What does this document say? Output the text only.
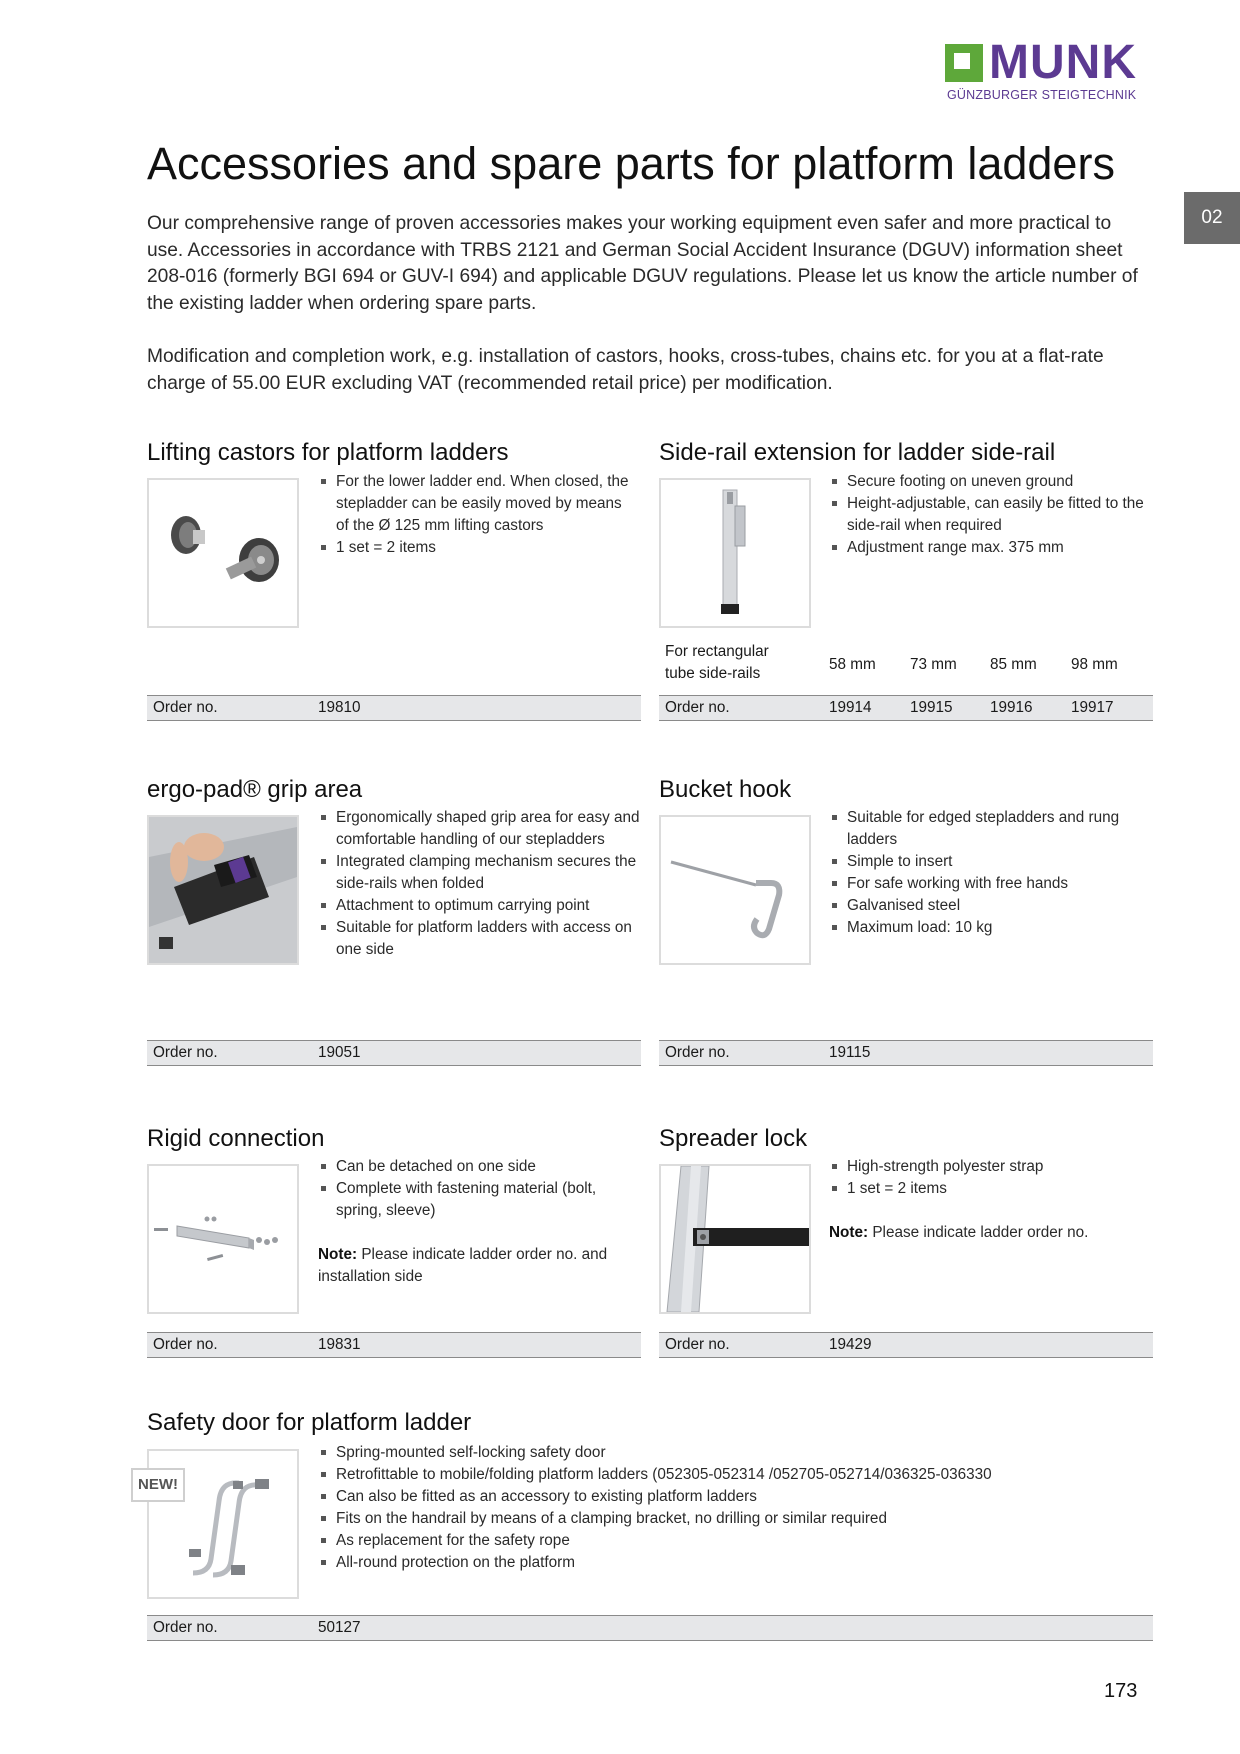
MUNK
GÜNZBURGER STEIGTECHNIK
Accessories and spare parts for platform ladders
02

Our comprehensive range of proven accessories makes your working equipment even safer and more practical to use. Accessories in accordance with TRBS 2121 and German Social Accident Insurance (DGUV) information sheet 208-016 (formerly BGI 694 or GUV-I 694) and applicable DGUV regulations. Please let us know the article number of the existing ladder when ordering spare parts.

Modification and completion work, e.g. installation of castors, hooks, cross-tubes, chains etc. for you at a flat-rate charge of 55.00 EUR excluding VAT (recommended retail price) per modification.

Lifting castors for platform ladders
For the lower ladder end. When closed, the stepladder can be easily moved by means of the Ø 125 mm lifting castors
1 set = 2 items
Order no.	19810
Side-rail extension for ladder side-rail
Secure footing on uneven ground
Height-adjustable, can easily be fitted to the side-rail when required
Adjustment range max. 375 mm
For rectangular
tube side-rails
58 mm 73 mm 85 mm 98 mm
Order no.	19914	19915 19916	19917
ergo-pad® grip area
Ergonomically shaped grip area for easy and comfortable handling of our stepladders
Integrated clamping mechanism secures the side-rails when folded
Attachment to optimum carrying point
Suitable for platform ladders with access on one side
Order no.	19051
Bucket hook
Suitable for edged stepladders and rung ladders
Simple to insert
For safe working with free hands
Galvanised steel
Maximum load: 10 kg
Order no.	19115
Rigid connection
Can be detached on one side
Complete with fastening material (bolt, spring, sleeve)

Note: Please indicate ladder order no. and installation side

Order no.	19831
Spreader lock
High-strength polyester strap
1 set = 2 items

Note: Please indicate ladder order no.

Order no.	19429
Safety door for platform ladder
NEW!
Spring-mounted self-locking safety door
Retrofittable to mobile/folding platform ladders (052305-052314 /052705-052714/036325-036330
Can also be fitted as an accessory to existing platform ladders
Fits on the handrail by means of a clamping bracket, no drilling or similar required
As replacement for the safety rope
All-round protection on the platform
Order no.	50127
173
